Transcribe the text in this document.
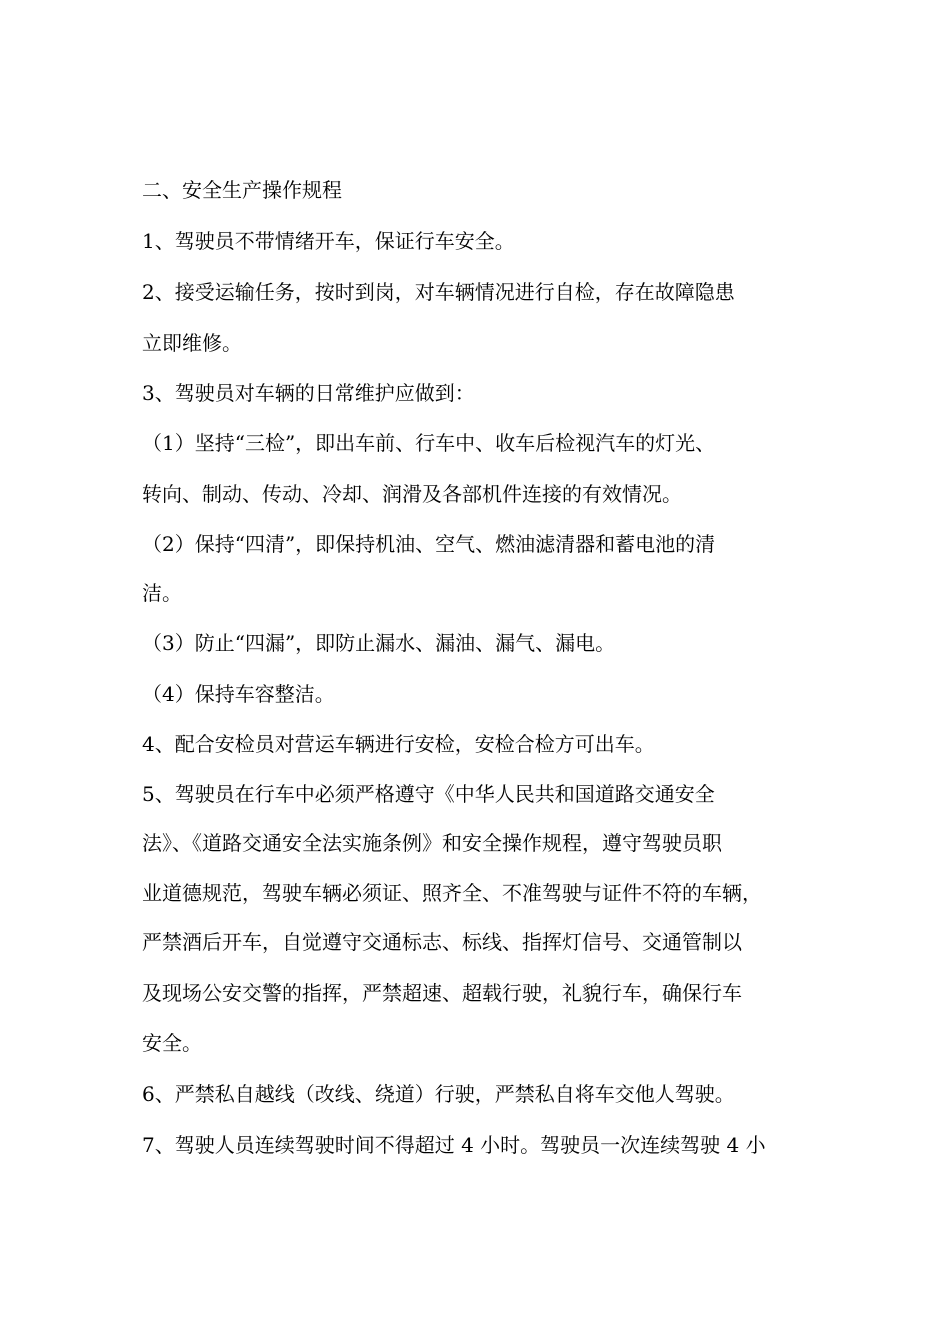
二、安全生产操作规程
1、驾驶员不带情绪开车，保证行车安全。
2、接受运输任务，按时到岗，对车辆情况进行自检，存在故障隐患
立即维修。
3、驾驶员对车辆的日常维护应做到：
（1）坚持“三检”，即出车前、行车中、收车后检视汽车的灯光、
转向、制动、传动、冷却、润滑及各部机件连接的有效情况。
（2）保持“四清”，即保持机油、空气、燃油滤清器和蓄电池的清
洁。
（3）防止“四漏”，即防止漏水、漏油、漏气、漏电。
（4）保持车容整洁。
4、配合安检员对营运车辆进行安检，安检合检方可出车。
5、驾驶员在行车中必须严格遵守《中华人民共和国道路交通安全
法》、《道路交通安全法实施条例》和安全操作规程，遵守驾驶员职
业道德规范，驾驶车辆必须证、照齐全、不准驾驶与证件不符的车辆，
严禁酒后开车，自觉遵守交通标志、标线、指挥灯信号、交通管制以
及现场公安交警的指挥，严禁超速、超载行驶，礼貌行车，确保行车
安全。
6、严禁私自越线（改线、绕道）行驶，严禁私自将车交他人驾驶。
7、驾驶人员连续驾驶时间不得超过 4 小时。驾驶员一次连续驾驶 4 小
